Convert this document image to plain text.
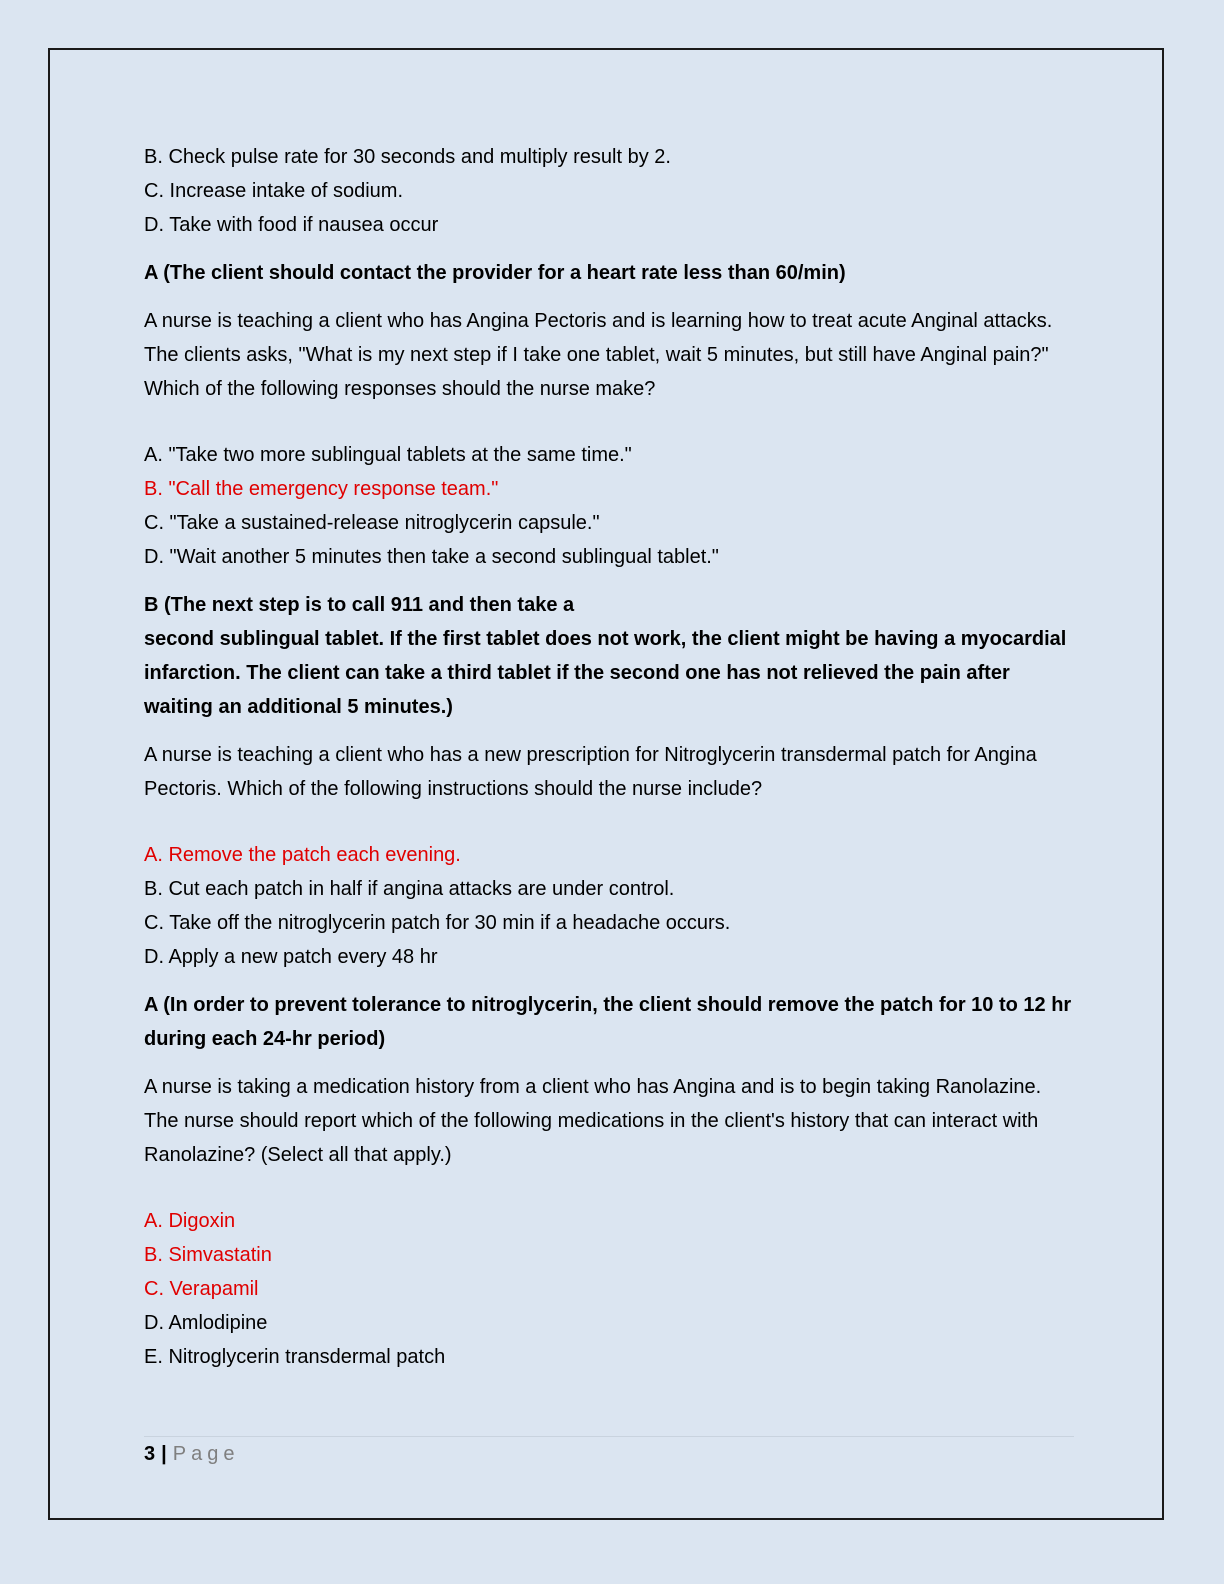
B. Check pulse rate for 30 seconds and multiply result by 2.

C. Increase intake of sodium.

D. Take with food if nausea occur

A (The client should contact the provider for a heart rate less than 60/min)

A nurse is teaching a client who has Angina Pectoris and is learning how to treat acute Anginal attacks. The clients asks, "What is my next step if I take one tablet, wait 5 minutes, but still have Anginal pain?" Which of the following responses should the nurse make?

A. "Take two more sublingual tablets at the same time."

B. "Call the emergency response team."

C. "Take a sustained-release nitroglycerin capsule."

D. "Wait another 5 minutes then take a second sublingual tablet."

B (The next step is to call 911 and then take a

second sublingual tablet. If the first tablet does not work, the client might be having a myocardial infarction. The client can take a third tablet if the second one has not relieved the pain after waiting an additional 5 minutes.)

A nurse is teaching a client who has a new prescription for Nitroglycerin transdermal patch for Angina Pectoris. Which of the following instructions should the nurse include?

A. Remove the patch each evening.

B. Cut each patch in half if angina attacks are under control.

C. Take off the nitroglycerin patch for 30 min if a headache occurs.

D. Apply a new patch every 48 hr

A (In order to prevent tolerance to nitroglycerin, the client should remove the patch for 10 to 12 hr during each 24-hr period)

A nurse is taking a medication history from a client who has Angina and is to begin taking Ranolazine. The nurse should report which of the following medications in the client's history that can interact with Ranolazine? (Select all that apply.)

A. Digoxin

B. Simvastatin

C. Verapamil

D. Amlodipine

E. Nitroglycerin transdermal patch

3 | Page
